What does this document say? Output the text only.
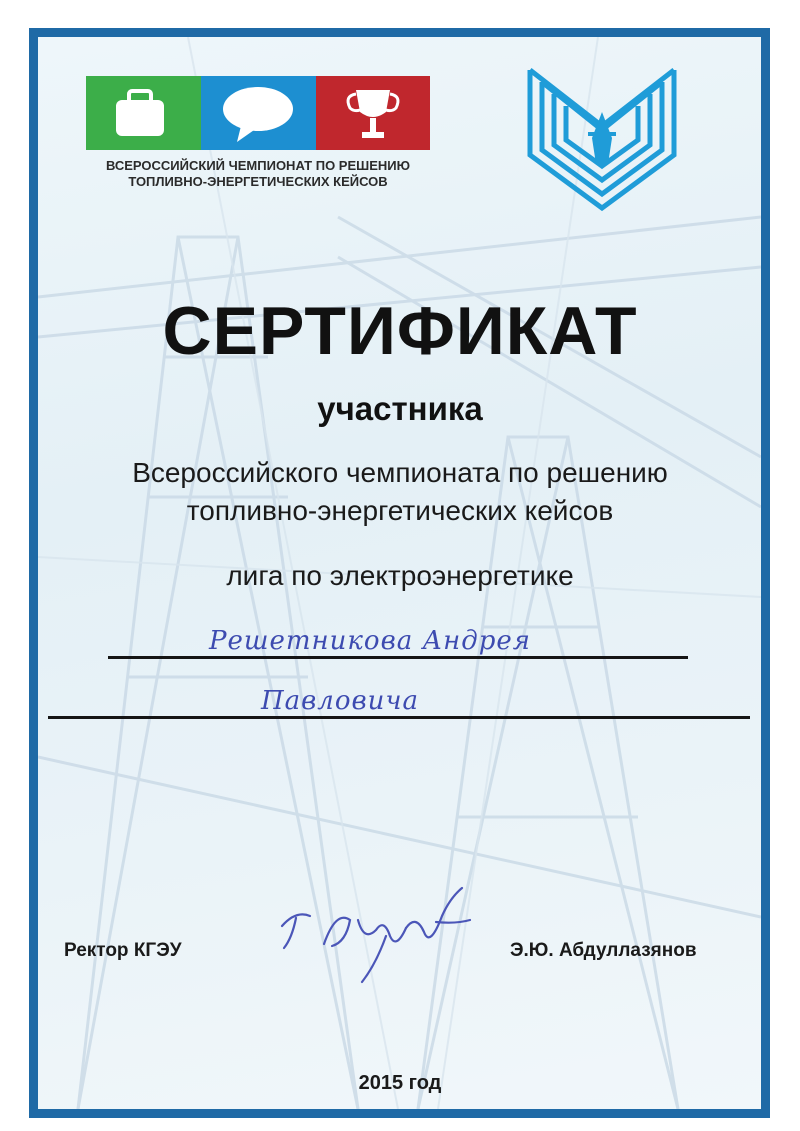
ВСЕРОССИЙСКИЙ ЧЕМПИОНАТ ПО РЕШЕНИЮ
ТОПЛИВНО-ЭНЕРГЕТИЧЕСКИХ КЕЙСОВ
СЕРТИФИКАТ
участника
Всероссийского чемпионата по решению
топливно-энергетических кейсов
лига по электроэнергетике
Решетникова Андрея
Павловича
Ректор КГЭУ	Э.Ю. Абдуллазянов
2015 год
